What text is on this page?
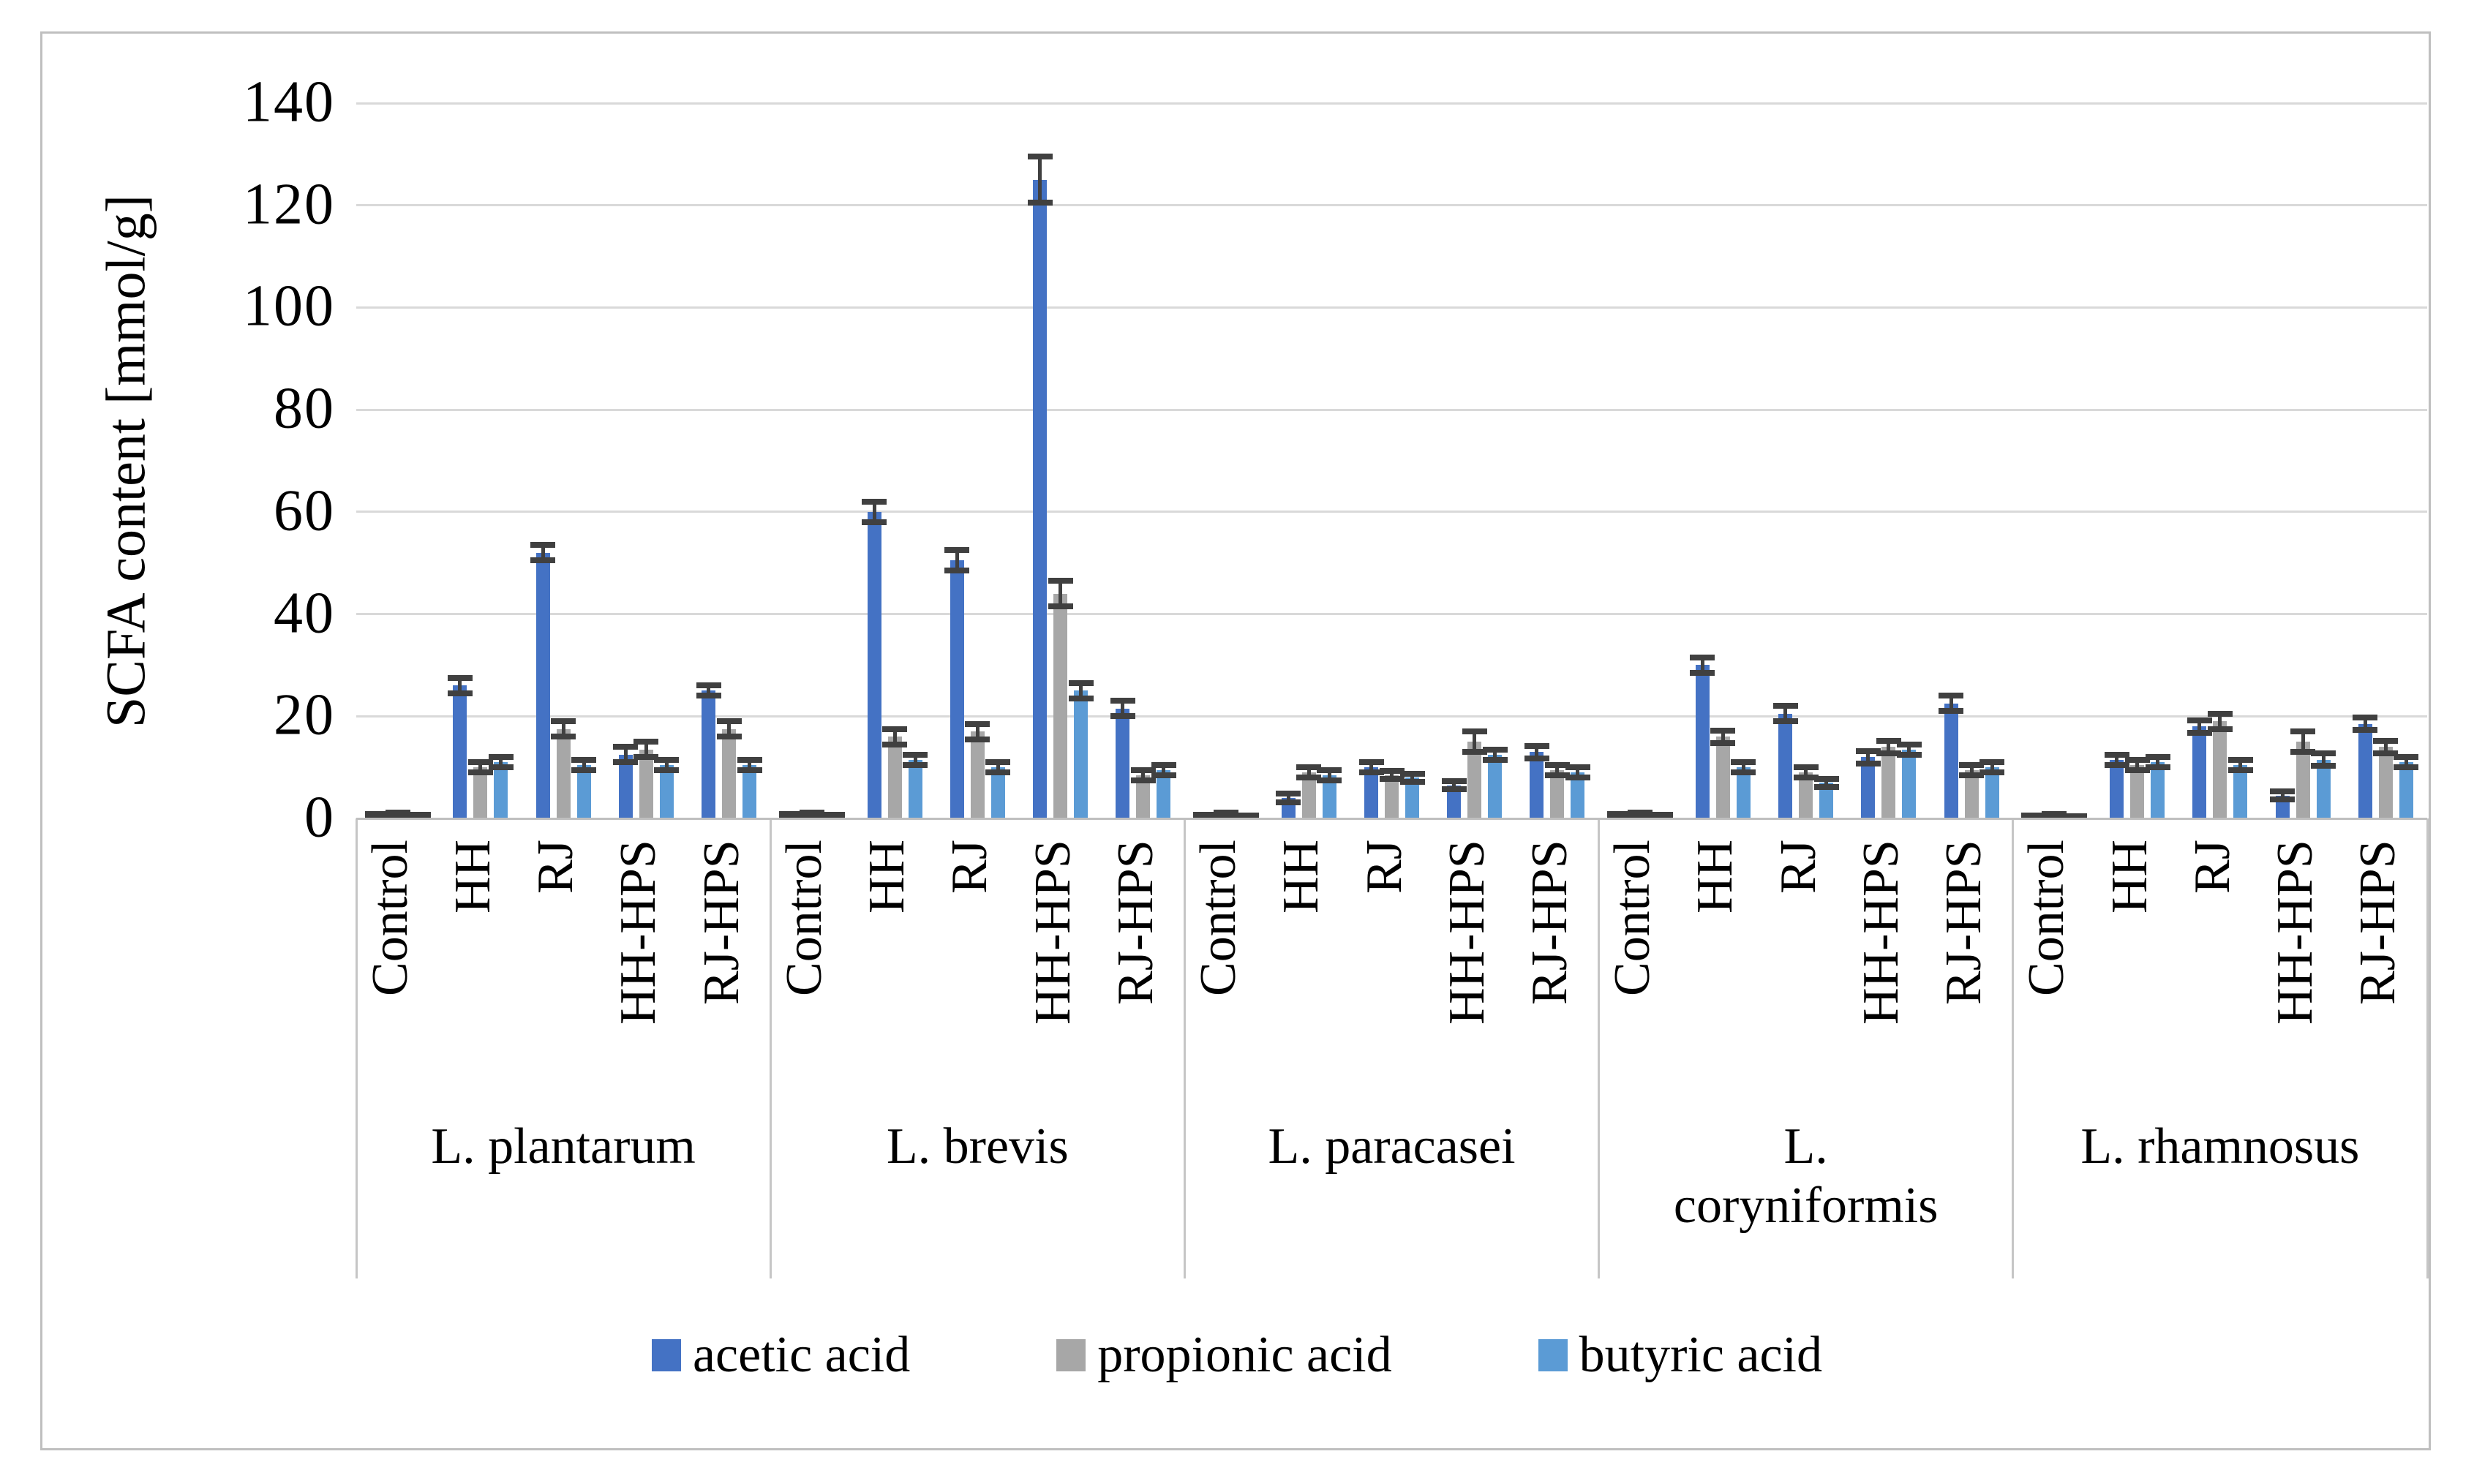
SCFA content [mmol/g]
0
20
40
60
80
100
120
140
Control HH RJ HH-HPS RJ-HPS
L. plantarum
Control HH RJ HH-HPS RJ-HPS
L. brevis
Control HH RJ HH-HPS RJ-HPS
L. paracasei
Control HH RJ HH-HPS RJ-HPS
L. coryniformis
Control HH RJ HH-HPS RJ-HPS
L. rhamnosus
acetic acid	propionic acid	butyric acid
